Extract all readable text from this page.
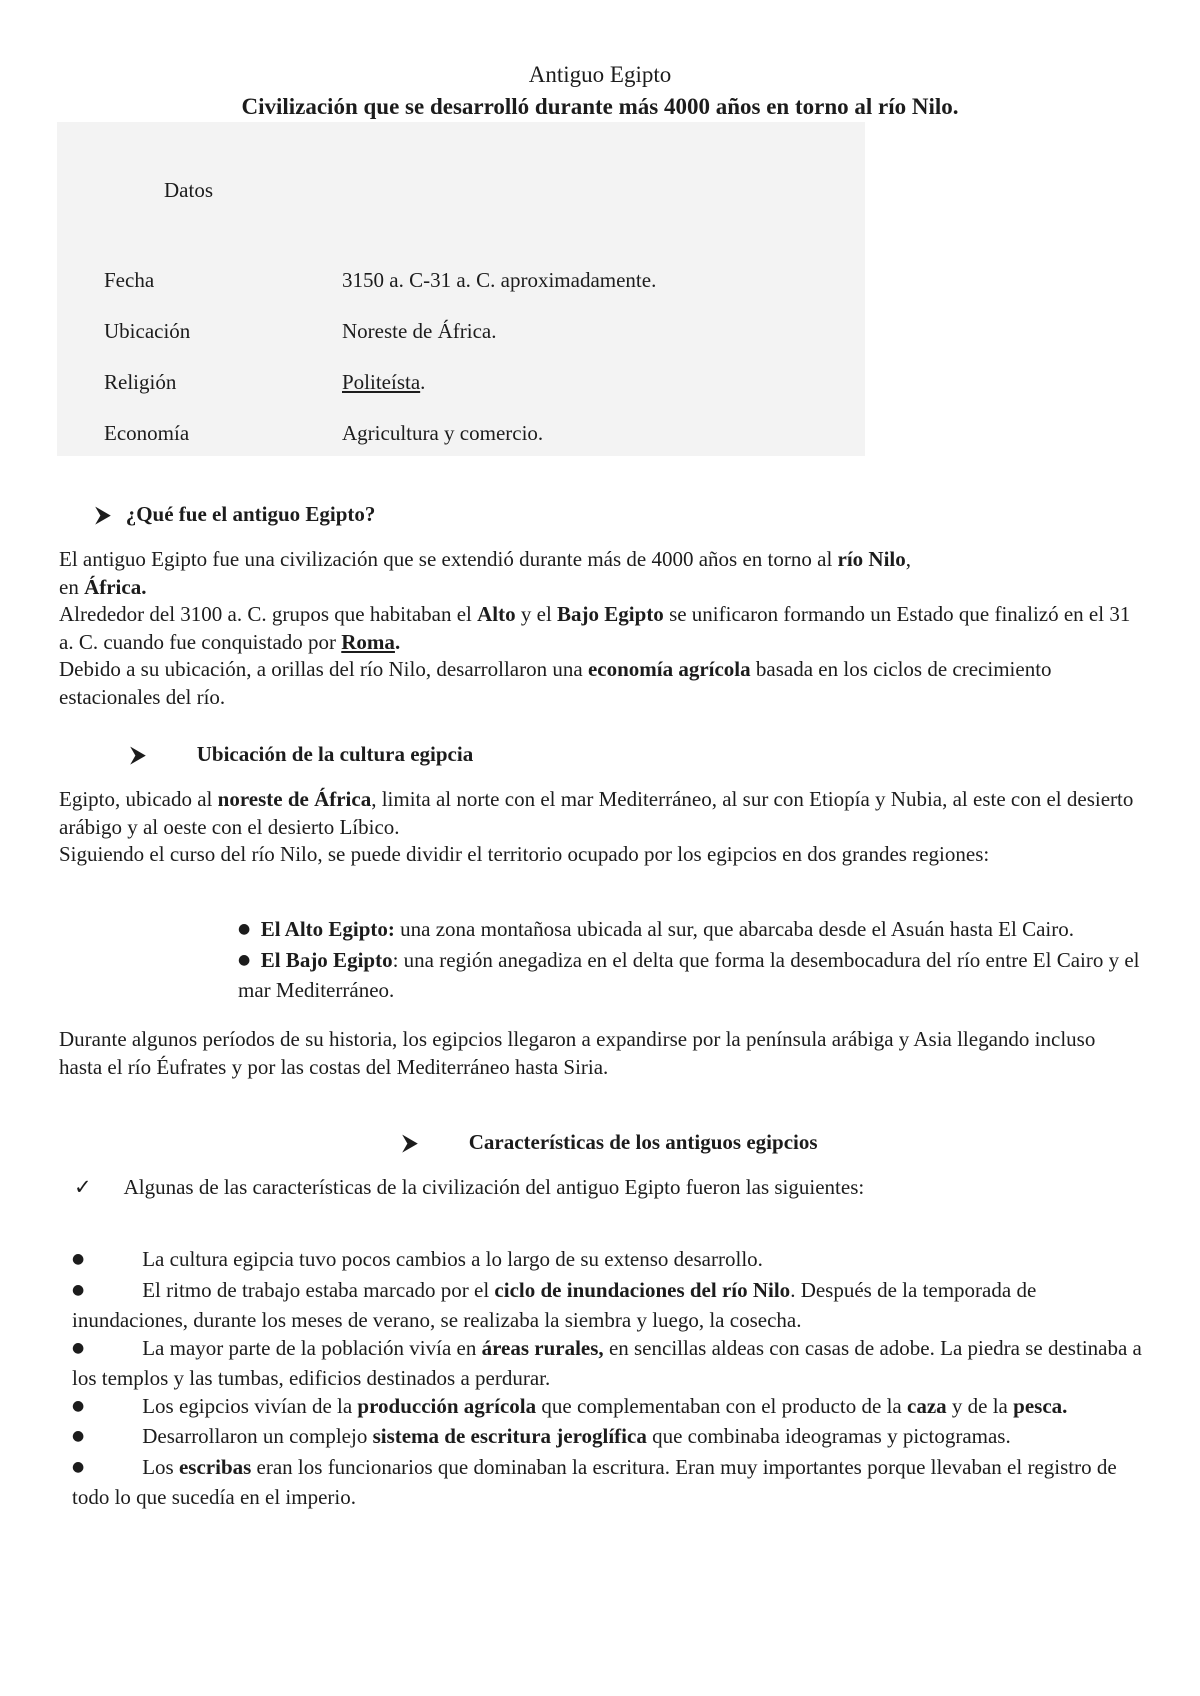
Antiguo Egipto
Civilización que se desarrolló durante más 4000 años en torno al río Nilo.
Datos
Fecha	3150 a. C-31 a. C. aproximadamente.
Ubicación	Noreste de África.
Religión	Politeísta.
Economía	Agricultura y comercio.
⮞ ¿Qué fue el antiguo Egipto?
El antiguo Egipto fue una civilización que se extendió durante más de 4000 años en torno al río Nilo,
en África.
Alrededor del 3100 a. C. grupos que habitaban el Alto y el Bajo Egipto se unificaron formando un Estado que finalizó en el 31 a. C. cuando fue conquistado por Roma.
Debido a su ubicación, a orillas del río Nilo, desarrollaron una economía agrícola basada en los ciclos de crecimiento estacionales del río.
⮞ Ubicación de la cultura egipcia
Egipto, ubicado al noreste de África, limita al norte con el mar Mediterráneo, al sur con Etiopía y Nubia, al este con el desierto arábigo y al oeste con el desierto Líbico.
Siguiendo el curso del río Nilo, se puede dividir el territorio ocupado por los egipcios en dos grandes regiones:
● El Alto Egipto: una zona montañosa ubicada al sur, que abarcaba desde el Asuán hasta El Cairo.
● El Bajo Egipto: una región anegadiza en el delta que forma la desembocadura del río entre El Cairo y el mar Mediterráneo.
Durante algunos períodos de su historia, los egipcios llegaron a expandirse por la península arábiga y Asia llegando incluso hasta el río Éufrates y por las costas del Mediterráneo hasta Siria.
⮞ Características de los antiguos egipcios
✓ Algunas de las características de la civilización del antiguo Egipto fueron las siguientes:
●	La cultura egipcia tuvo pocos cambios a lo largo de su extenso desarrollo.
●	El ritmo de trabajo estaba marcado por el ciclo de inundaciones del río Nilo. Después de la temporada de inundaciones, durante los meses de verano, se realizaba la siembra y luego, la cosecha.
●	La mayor parte de la población vivía en áreas rurales, en sencillas aldeas con casas de adobe. La piedra se destinaba a los templos y las tumbas, edificios destinados a perdurar.
●	Los egipcios vivían de la producción agrícola que complementaban con el producto de la caza y de la pesca.
●	Desarrollaron un complejo sistema de escritura jeroglífica que combinaba ideogramas y pictogramas.
●	Los escribas eran los funcionarios que dominaban la escritura. Eran muy importantes porque llevaban el registro de todo lo que sucedía en el imperio.
